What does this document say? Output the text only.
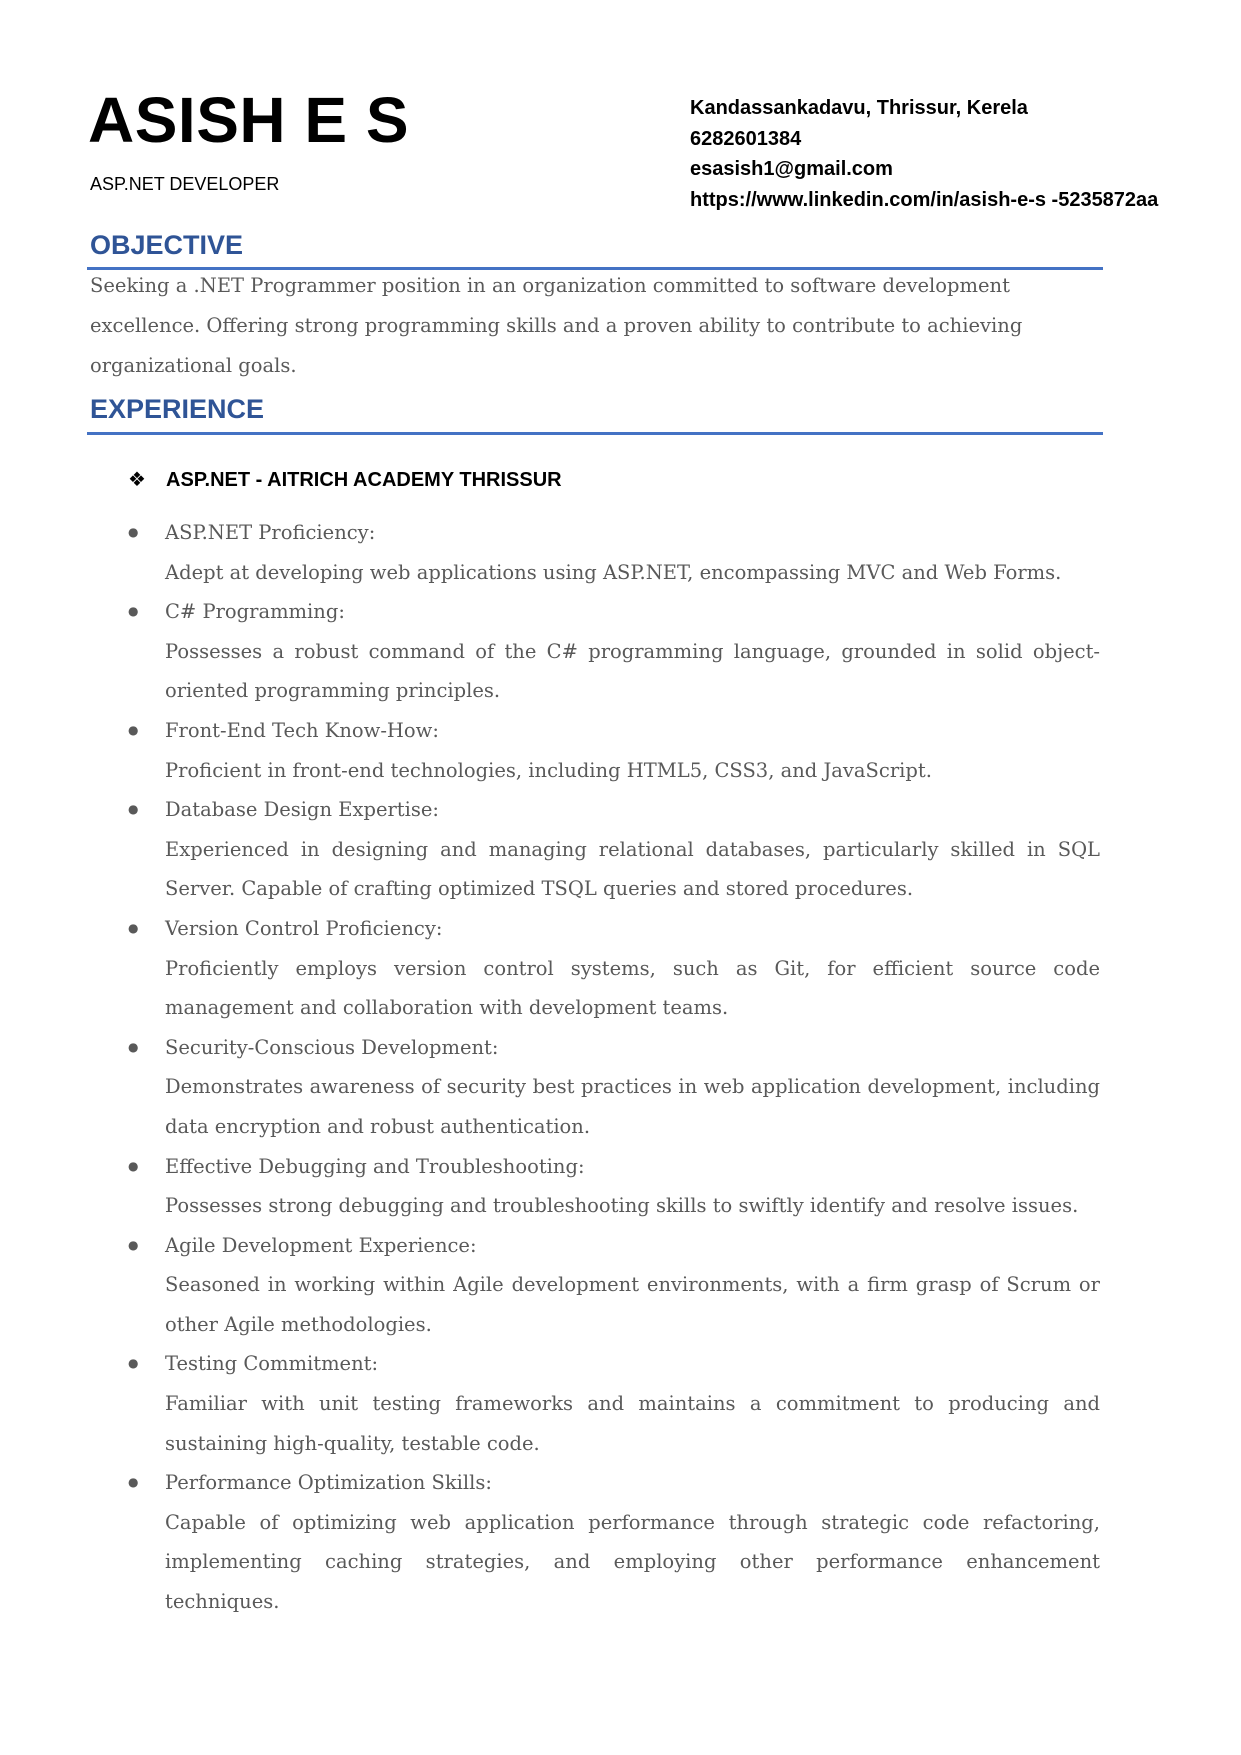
ASISH E S

ASP.NET DEVELOPER

Kandassankadavu, Thrissur, Kerela
6282601384
esasish1@gmail.com
https://www.linkedin.com/in/asish-e-s -5235872aa
OBJECTIVE

Seeking a .NET Programmer position in an organization committed to software development excellence. Offering strong programming skills and a proven ability to contribute to achieving organizational goals.

EXPERIENCE

❖ ASP.NET - AITRICH ACADEMY THRISSUR

● ASP.NET Proficiency:

Adept at developing web applications using ASP.NET, encompassing MVC and Web Forms.

● C# Programming:

Possesses a robust command of the C# programming language, grounded in solid object-oriented programming principles.

● Front-End Tech Know-How:

Proficient in front-end technologies, including HTML5, CSS3, and JavaScript.

● Database Design Expertise:

Experienced in designing and managing relational databases, particularly skilled in SQL Server. Capable of crafting optimized TSQL queries and stored procedures.

● Version Control Proficiency:

Proficiently employs version control systems, such as Git, for efficient source code management and collaboration with development teams.

● Security-Conscious Development:

Demonstrates awareness of security best practices in web application development, including data encryption and robust authentication.

● Effective Debugging and Troubleshooting:

Possesses strong debugging and troubleshooting skills to swiftly identify and resolve issues.

● Agile Development Experience:

Seasoned in working within Agile development environments, with a firm grasp of Scrum or other Agile methodologies.

● Testing Commitment:

Familiar with unit testing frameworks and maintains a commitment to producing and sustaining high-quality, testable code.

● Performance Optimization Skills:

Capable of optimizing web application performance through strategic code refactoring, implementing caching strategies, and employing other performance enhancement techniques.
